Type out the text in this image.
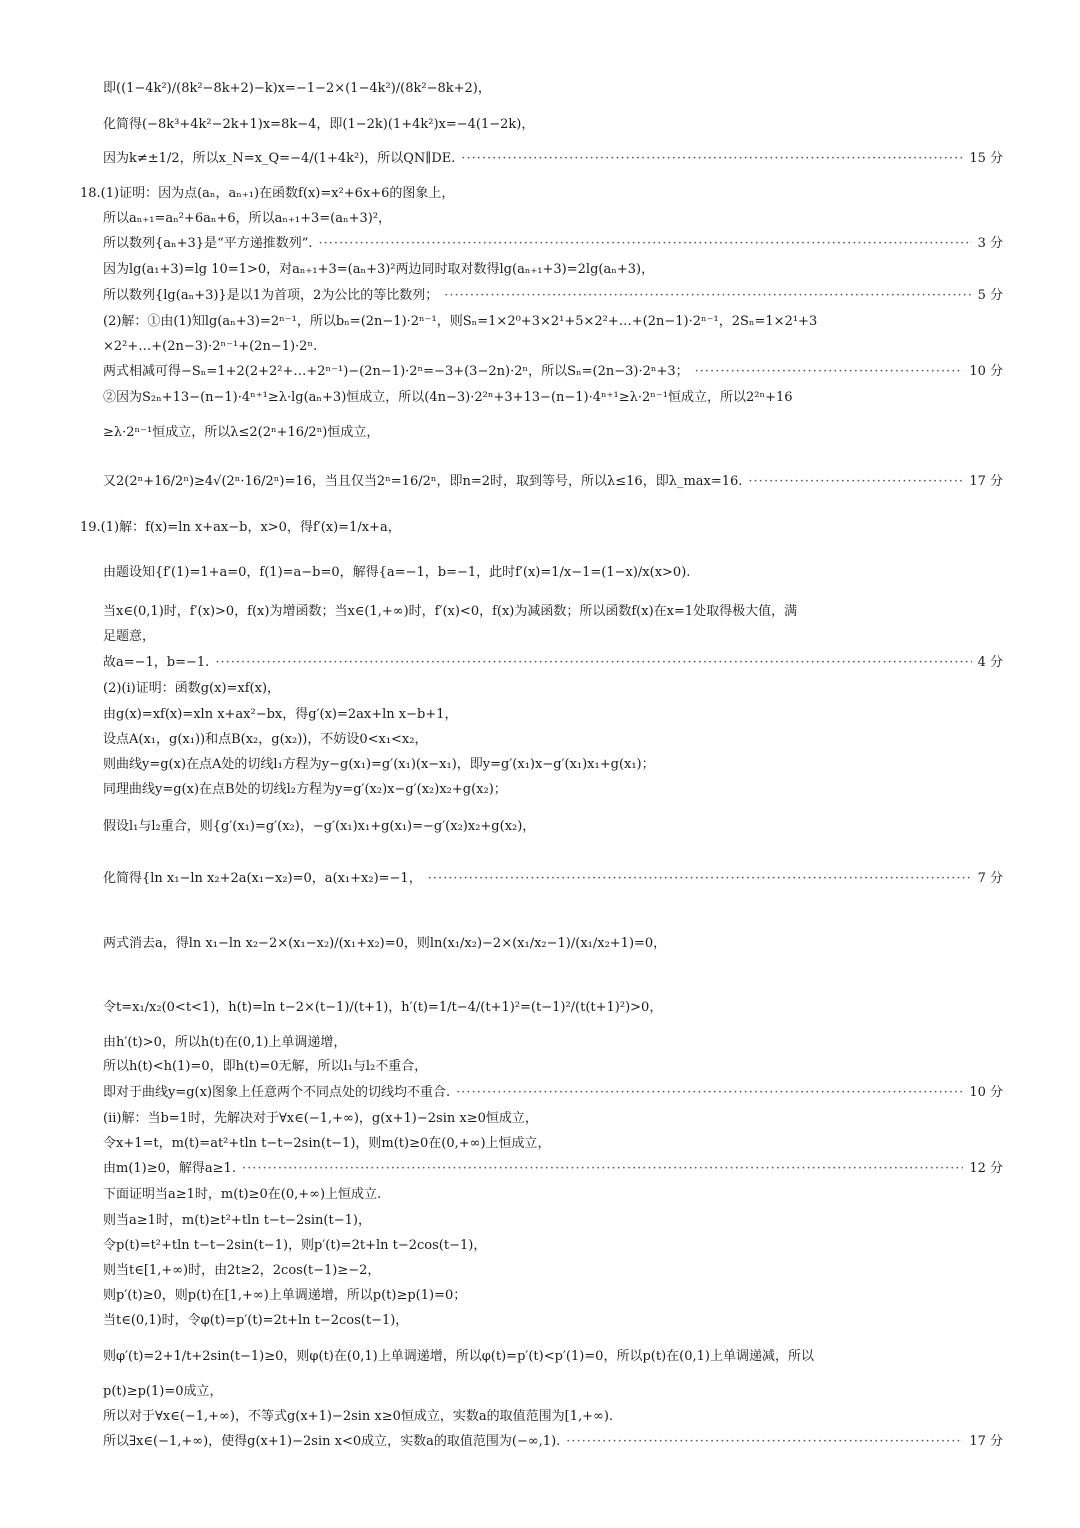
即((1−4k²)/(8k²−8k+2)−k)x=−1−2×(1−4k²)/(8k²−8k+2)，
化简得(−8k³+4k²−2k+1)x=8k−4，即(1−2k)(1+4k²)x=−4(1−2k)，
因为k≠±1/2，所以x_N=x_Q=−4/(1+4k²)，所以QN∥DE. ·····	15 分
18.(1)证明：因为点(aₙ，aₙ₊₁)在函数f(x)=x²+6x+6的图象上，
所以aₙ₊₁=aₙ²+6aₙ+6，所以aₙ₊₁+3=(aₙ+3)²，
所以数列{aₙ+3}是“平方递推数列”. ·····	3 分
因为lg(a₁+3)=lg 10=1>0，对aₙ₊₁+3=(aₙ+3)²两边同时取对数得lg(aₙ₊₁+3)=2lg(aₙ+3)，
所以数列{lg(aₙ+3)}是以1为首项，2为公比的等比数列； ·····	5 分
(2)解：①由(1)知lg(aₙ+3)=2ⁿ⁻¹，所以bₙ=(2n−1)·2ⁿ⁻¹，则Sₙ=1×2⁰+3×2¹+5×2²+…+(2n−1)·2ⁿ⁻¹，2Sₙ=1×2¹+3
×2²+…+(2n−3)·2ⁿ⁻¹+(2n−1)·2ⁿ.
两式相减可得−Sₙ=1+2(2+2²+…+2ⁿ⁻¹)−(2n−1)·2ⁿ=−3+(3−2n)·2ⁿ，所以Sₙ=(2n−3)·2ⁿ+3； ·····	10 分
②因为S₂ₙ+13−(n−1)·4ⁿ⁺¹≥λ·lg(aₙ+3)恒成立，所以(4n−3)·2²ⁿ+3+13−(n−1)·4ⁿ⁺¹≥λ·2ⁿ⁻¹恒成立，所以2²ⁿ+16
≥λ·2ⁿ⁻¹恒成立，所以λ≤2(2ⁿ+16/2ⁿ)恒成立，
又2(2ⁿ+16/2ⁿ)≥4√(2ⁿ·16/2ⁿ)=16，当且仅当2ⁿ=16/2ⁿ，即n=2时，取到等号，所以λ≤16，即λ_max=16. ·····	17 分
19.(1)解：f(x)=ln x+ax−b，x>0，得f′(x)=1/x+a，
由题设知{f′(1)=1+a=0，f(1)=a−b=0，解得{a=−1，b=−1，此时f′(x)=1/x−1=(1−x)/x(x>0).
当x∈(0,1)时，f′(x)>0，f(x)为增函数；当x∈(1,+∞)时，f′(x)<0，f(x)为减函数；所以函数f(x)在x=1处取得极大值，满
足题意，
故a=−1，b=−1. ·····	4 分
(2)(i)证明：函数g(x)=xf(x)，
由g(x)=xf(x)=xln x+ax²−bx，得g′(x)=2ax+ln x−b+1，
设点A(x₁，g(x₁))和点B(x₂，g(x₂))，不妨设0<x₁<x₂，
则曲线y=g(x)在点A处的切线l₁方程为y−g(x₁)=g′(x₁)(x−x₁)，即y=g′(x₁)x−g′(x₁)x₁+g(x₁)；
同理曲线y=g(x)在点B处的切线l₂方程为y=g′(x₂)x−g′(x₂)x₂+g(x₂)；
假设l₁与l₂重合，则{g′(x₁)=g′(x₂)，−g′(x₁)x₁+g(x₁)=−g′(x₂)x₂+g(x₂)，
化简得{ln x₁−ln x₂+2a(x₁−x₂)=0，a(x₁+x₂)=−1， ·····	7 分
两式消去a，得ln x₁−ln x₂−2×(x₁−x₂)/(x₁+x₂)=0，则ln(x₁/x₂)−2×(x₁/x₂−1)/(x₁/x₂+1)=0，
令t=x₁/x₂(0<t<1)，h(t)=ln t−2×(t−1)/(t+1)，h′(t)=1/t−4/(t+1)²=(t−1)²/(t(t+1)²)>0，
由h′(t)>0，所以h(t)在(0,1)上单调递增，
所以h(t)<h(1)=0，即h(t)=0无解，所以l₁与l₂不重合，
即对于曲线y=g(x)图象上任意两个不同点处的切线均不重合. ·····	10 分
(ii)解：当b=1时，先解决对于∀x∈(−1,+∞)，g(x+1)−2sin x≥0恒成立，
令x+1=t，m(t)=at²+tln t−t−2sin(t−1)，则m(t)≥0在(0,+∞)上恒成立，
由m(1)≥0，解得a≥1. ·····	12 分
下面证明当a≥1时，m(t)≥0在(0,+∞)上恒成立.
则当a≥1时，m(t)≥t²+tln t−t−2sin(t−1)，
令p(t)=t²+tln t−t−2sin(t−1)，则p′(t)=2t+ln t−2cos(t−1)，
则当t∈[1,+∞)时，由2t≥2，2cos(t−1)≥−2，
则p′(t)≥0，则p(t)在[1,+∞)上单调递增，所以p(t)≥p(1)=0；
当t∈(0,1)时，令φ(t)=p′(t)=2t+ln t−2cos(t−1)，
则φ′(t)=2+1/t+2sin(t−1)≥0，则φ(t)在(0,1)上单调递增，所以φ(t)=p′(t)<p′(1)=0，所以p(t)在(0,1)上单调递减，所以
p(t)≥p(1)=0成立，
所以对于∀x∈(−1,+∞)，不等式g(x+1)−2sin x≥0恒成立，实数a的取值范围为[1,+∞).
所以∃x∈(−1,+∞)，使得g(x+1)−2sin x<0成立，实数a的取值范围为(−∞,1). ·····	17 分
